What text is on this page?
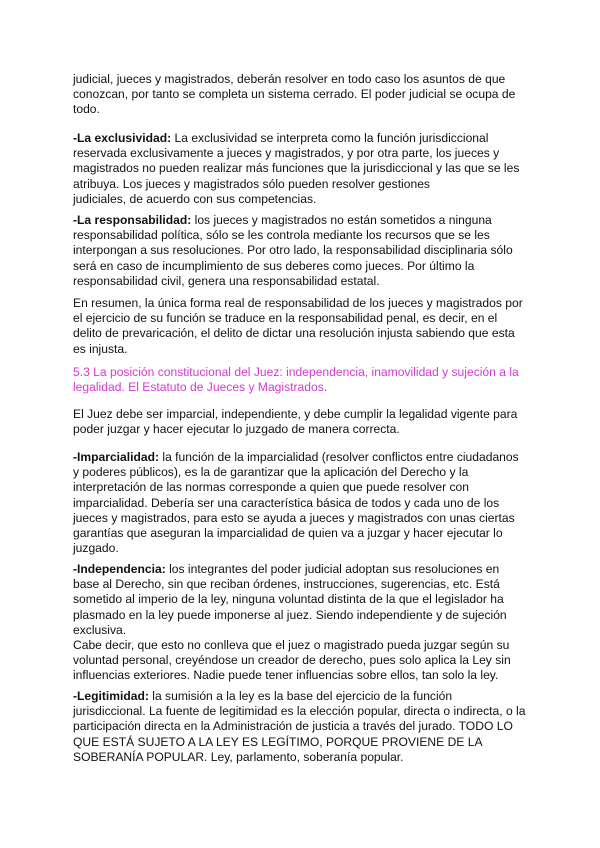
judicial, jueces y magistrados, deberán resolver en todo caso los asuntos de que
conozcan, por tanto se completa un sistema cerrado. El poder judicial se ocupa de
todo.

-La exclusividad: La exclusividad se interpreta como la función jurisdiccional
reservada exclusivamente a jueces y magistrados, y por otra parte, los jueces y
magistrados no pueden realizar más funciones que la jurisdiccional y las que se les
atribuya. Los jueces y magistrados sólo pueden resolver gestiones
judiciales, de acuerdo con sus competencias.

-La responsabilidad: los jueces y magistrados no están sometidos a ninguna
responsabilidad política, sólo se les controla mediante los recursos que se les
interpongan a sus resoluciones. Por otro lado, la responsabilidad disciplinaria sólo
será en caso de incumplimiento de sus deberes como jueces. Por último la
responsabilidad civil, genera una responsabilidad estatal.

En resumen, la única forma real de responsabilidad de los jueces y magistrados por
el ejercicio de su función se traduce en la responsabilidad penal, es decir, en el
delito de prevaricación, el delito de dictar una resolución injusta sabiendo que esta
es injusta.

5.3 La posición constitucional del Juez: independencia, inamovilidad y sujeción a la
legalidad. El Estatuto de Jueces y Magistrados.

El Juez debe ser imparcial, independiente, y debe cumplir la legalidad vigente para
poder juzgar y hacer ejecutar lo juzgado de manera correcta.

-Imparcialidad: la función de la imparcialidad (resolver conflictos entre ciudadanos
y poderes públicos), es la de garantizar que la aplicación del Derecho y la
interpretación de las normas corresponde a quien que puede resolver con
imparcialidad. Debería ser una característica básica de todos y cada uno de los
jueces y magistrados, para esto se ayuda a jueces y magistrados con unas ciertas
garantías que aseguran la imparcialidad de quien va a juzgar y hacer ejecutar lo
juzgado.

-Independencia: los integrantes del poder judicial adoptan sus resoluciones en
base al Derecho, sin que reciban órdenes, instrucciones, sugerencias, etc. Está
sometido al imperio de la ley, ninguna voluntad distinta de la que el legislador ha
plasmado en la ley puede imponerse al juez. Siendo independiente y de sujeción
exclusiva.
Cabe decir, que esto no conlleva que el juez o magistrado pueda juzgar según su
voluntad personal, creyéndose un creador de derecho, pues solo aplica la Ley sin
influencias exteriores. Nadie puede tener influencias sobre ellos, tan solo la ley.

-Legitimidad: la sumisión a la ley es la base del ejercicio de la función
jurisdiccional. La fuente de legitimidad es la elección popular, directa o indirecta, o la
participación directa en la Administración de justicia a través del jurado. TODO LO
QUE ESTÁ SUJETO A LA LEY ES LEGÍTIMO, PORQUE PROVIENE DE LA
SOBERANÍA POPULAR. Ley, parlamento, soberanía popular.
